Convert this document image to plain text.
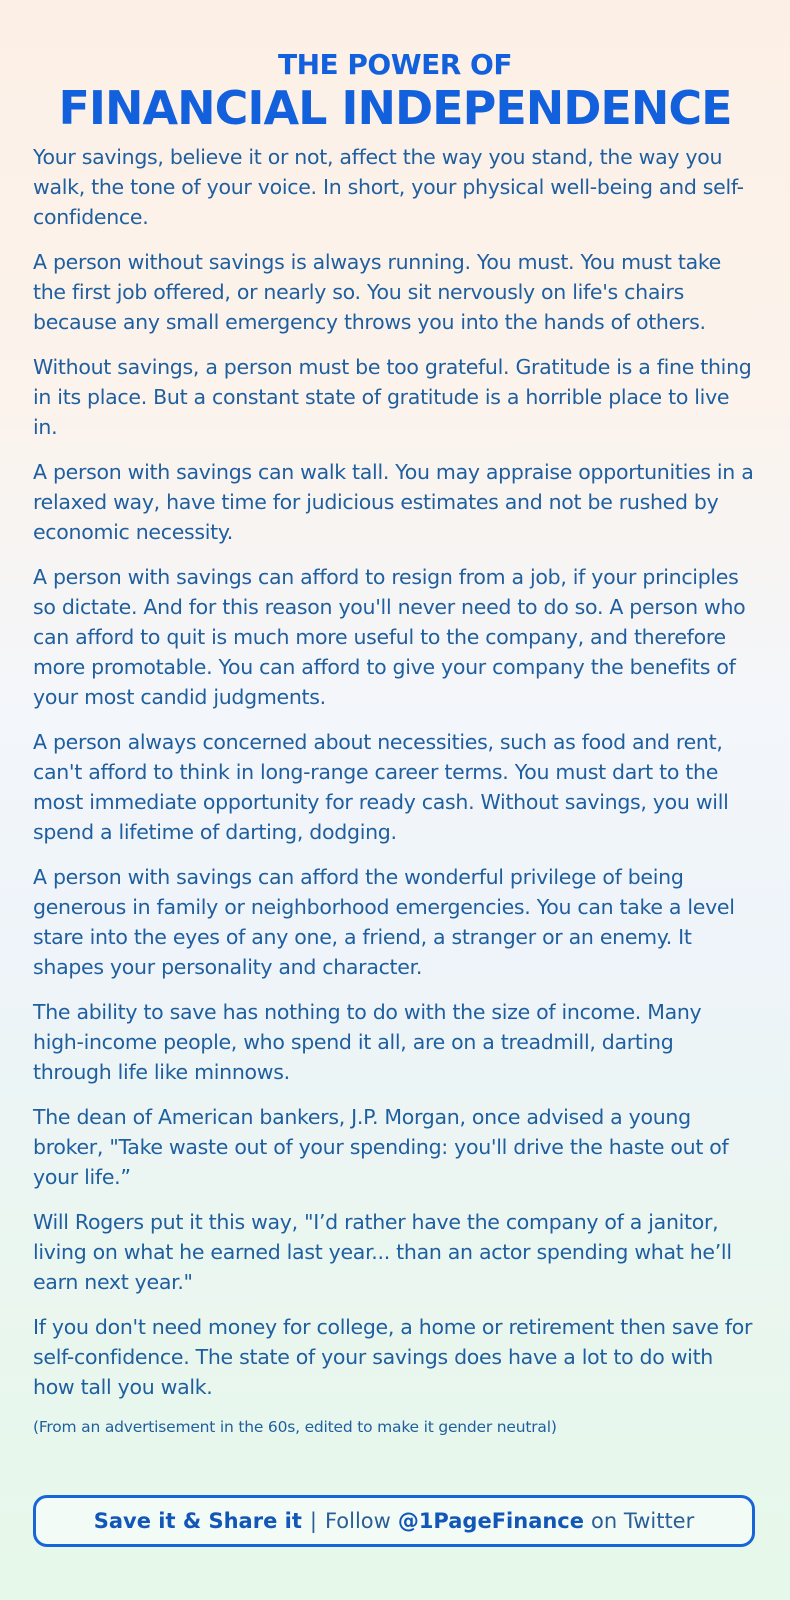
THE POWER OF
FINANCIAL INDEPENDENCE

Your savings, believe it or not, affect the way you stand, the way you walk, the tone of your voice. In short, your physical well-being and self-confidence.

A person without savings is always running. You must. You must take the first job offered, or nearly so. You sit nervously on life's chairs because any small emergency throws you into the hands of others.

Without savings, a person must be too grateful. Gratitude is a fine thing in its place. But a constant state of gratitude is a horrible place to live in.

A person with savings can walk tall. You may appraise opportunities in a relaxed way, have time for judicious estimates and not be rushed by economic necessity.

A person with savings can afford to resign from a job, if your principles so dictate. And for this reason you'll never need to do so. A person who can afford to quit is much more useful to the company, and therefore more promotable. You can afford to give your company the benefits of your most candid judgments.

A person always concerned about necessities, such as food and rent, can't afford to think in long-range career terms. You must dart to the most immediate opportunity for ready cash. Without savings, you will spend a lifetime of darting, dodging.

A person with savings can afford the wonderful privilege of being generous in family or neighborhood emergencies. You can take a level stare into the eyes of any one, a friend, a stranger or an enemy. It shapes your personality and character.

The ability to save has nothing to do with the size of income. Many high-income people, who spend it all, are on a treadmill, darting through life like minnows.

The dean of American bankers, J.P. Morgan, once advised a young broker, "Take waste out of your spending: you'll drive the haste out of your life.”

Will Rogers put it this way, "I’d rather have the company of a janitor, living on what he earned last year... than an actor spending what he’ll earn next year."

If you don't need money for college, a home or retirement then save for self-confidence. The state of your savings does have a lot to do with how tall you walk.

(From an advertisement in the 60s, edited to make it gender neutral)

Save it & Share it | Follow @1PageFinance on Twitter
